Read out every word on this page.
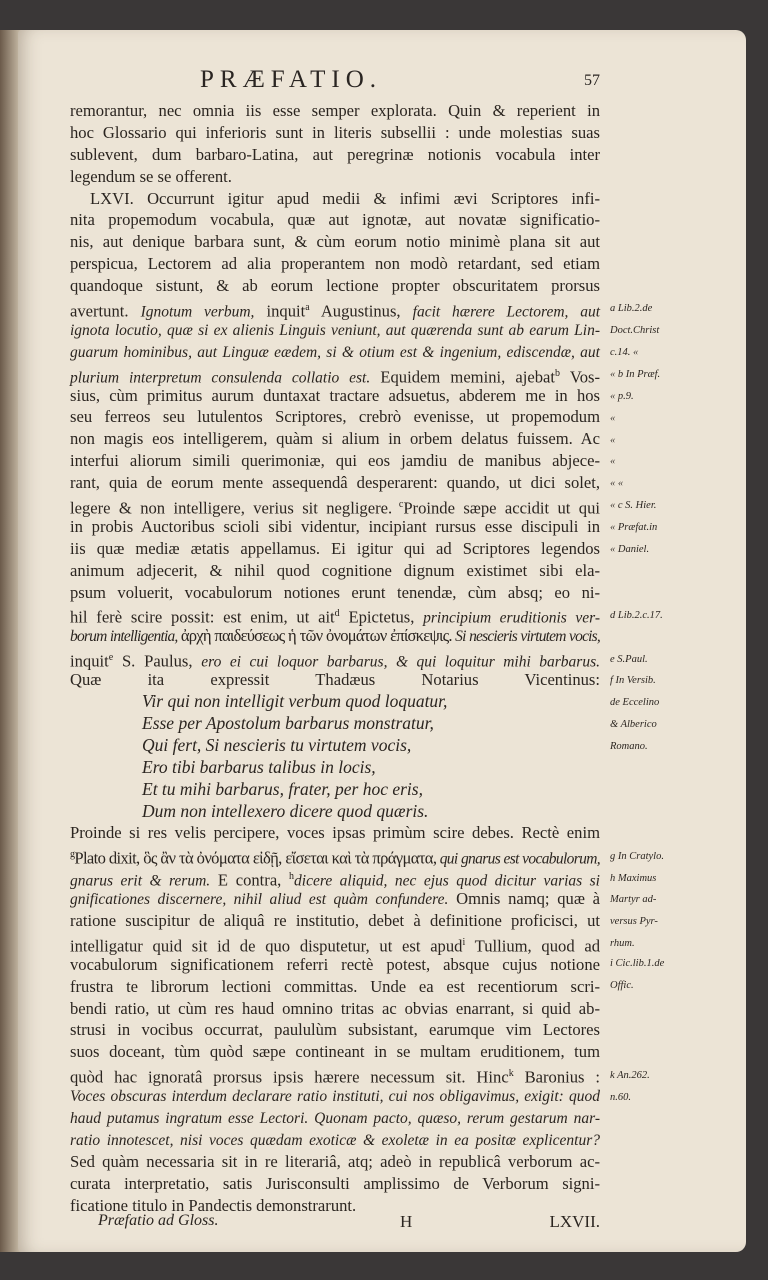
PRÆFATIO.	57
remorantur, nec omnia iis esse semper explorata. Quin & reperient in
hoc Glossario qui inferioris sunt in literis subsellii : unde molestias suas
sublevent, dum barbaro-Latina, aut peregrinæ notionis vocabula inter
legendum se se offerent.
LXVI. Occurrunt igitur apud medii & infimi ævi Scriptores infi-
nita propemodum vocabula, quæ aut ignotæ, aut novatæ significatio-
nis, aut denique barbara sunt, & cùm eorum notio minimè plana sit aut
perspicua, Lectorem ad alia properantem non modò retardant, sed etiam
quandoque sistunt, & ab eorum lectione propter obscuritatem prorsus
avertunt. Ignotum verbum, inquit$^a$ Augustinus, facit hærere Lectorem, aut
ignota locutio, quæ si ex alienis Linguis veniunt, aut quærenda sunt ab earum Lin-
guarum hominibus, aut Linguæ eædem, si & otium est & ingenium, ediscendæ, aut
plurium interpretum consulenda collatio est. Equidem memini, ajebat$^b$ Vos-
sius, cùm primitus aurum duntaxat tractare adsuetus, abderem me in hos
seu ferreos seu lutulentos Scriptores, crebrò evenisse, ut propemodum
non magis eos intelligerem, quàm si alium in orbem delatus fuissem. Ac
interfui aliorum simili querimoniæ, qui eos jamdiu de manibus abjece-
rant, quia de eorum mente assequendâ desperarent: quando, ut dici solet,
legere & non intelligere, verius sit negligere. $^c$Proinde sæpe accidit ut qui
in probis Auctoribus scioli sibi videntur, incipiant rursus esse discipuli in
iis quæ mediæ ætatis appellamus. Ei igitur qui ad Scriptores legendos
animum adjecerit, & nihil quod cognitione dignum existimet sibi ela-
psum voluerit, vocabulorum notiones erunt tenendæ, cùm absq; eo ni-
hil ferè scire possit: est enim, ut ait$^d$ Epictetus, principium eruditionis ver-
borum intelligentia, ἀρχὴ παιδεύσεως ἡ τῶν ὀνομάτων ἐπίσκεψις. Si nescieris virtutem vocis,
inquit$^e$ S. Paulus, ero ei cui loquor barbarus, & qui loquitur mihi barbarus.
Quæ ita expressit Thadæus Notarius Vicentinus:
Vir qui non intelligit verbum quod loquatur,
Esse per Apostolum barbarus monstratur,
Qui fert, Si nescieris tu virtutem vocis,
Ero tibi barbarus talibus in locis,
Et tu mihi barbarus, frater, per hoc eris,
Dum non intellexero dicere quod quæris.
Proinde si res velis percipere, voces ipsas primùm scire debes. Rectè enim
$^g$Plato dixit, ὃς ἂν τὰ ὀνόματα εἰδῇ, εἴσεται καὶ τὰ πράγματα, qui gnarus est vocabulorum,
gnarus erit & rerum. E contra, $^h$dicere aliquid, nec ejus quod dicitur varias si
gnificationes discernere, nihil aliud est quàm confundere. Omnis namq; quæ à
ratione suscipitur de aliquâ re institutio, debet à definitione proficisci, ut
intelligatur quid sit id de quo disputetur, ut est apud$^i$ Tullium, quod ad
vocabulorum significationem referri rectè potest, absque cujus notione
frustra te librorum lectioni committas. Unde ea est recentiorum scri-
bendi ratio, ut cùm res haud omnino tritas ac obvias enarrant, si quid ab-
strusi in vocibus occurrat, paululùm subsistant, earumque vim Lectores
suos doceant, tùm quòd sæpe contineant in se multam eruditionem, tum
quòd hac ignoratâ prorsus ipsis hærere necessum sit. Hinc$^k$ Baronius :
Voces obscuras interdum declarare ratio instituti, cui nos obligavimus, exigit: quod
haud putamus ingratum esse Lectori. Quonam pacto, quæso, rerum gestarum nar-
ratio innotescet, nisi voces quædam exoticæ & exoletæ in ea positæ explicentur?
Sed quàm necessaria sit in re literariâ, atq; adeò in republicâ verborum ac-
curata interpretatio, satis Jurisconsulti amplissimo de Verborum signi-
ficatione titulo in Pandectis demonstrarunt.
a Lib.2.de
Doct.Christ
c.14. «
« b In Præf.
« p.9.
«
«
«
« «
« c S. Hier.
« Præfat.in
« Daniel.
d Lib.2.c.17.
e S.Paul.
f In Versib.
de Eccelino
& Alberico
Romano.
g In Cratylo.
h Maximus
Martyr ad-
versus Pyr-
rhum.
i Cic.lib.1.de
Offic.
k An.262.
n.60.
Præfatio ad Gloss.	H	LXVII.
